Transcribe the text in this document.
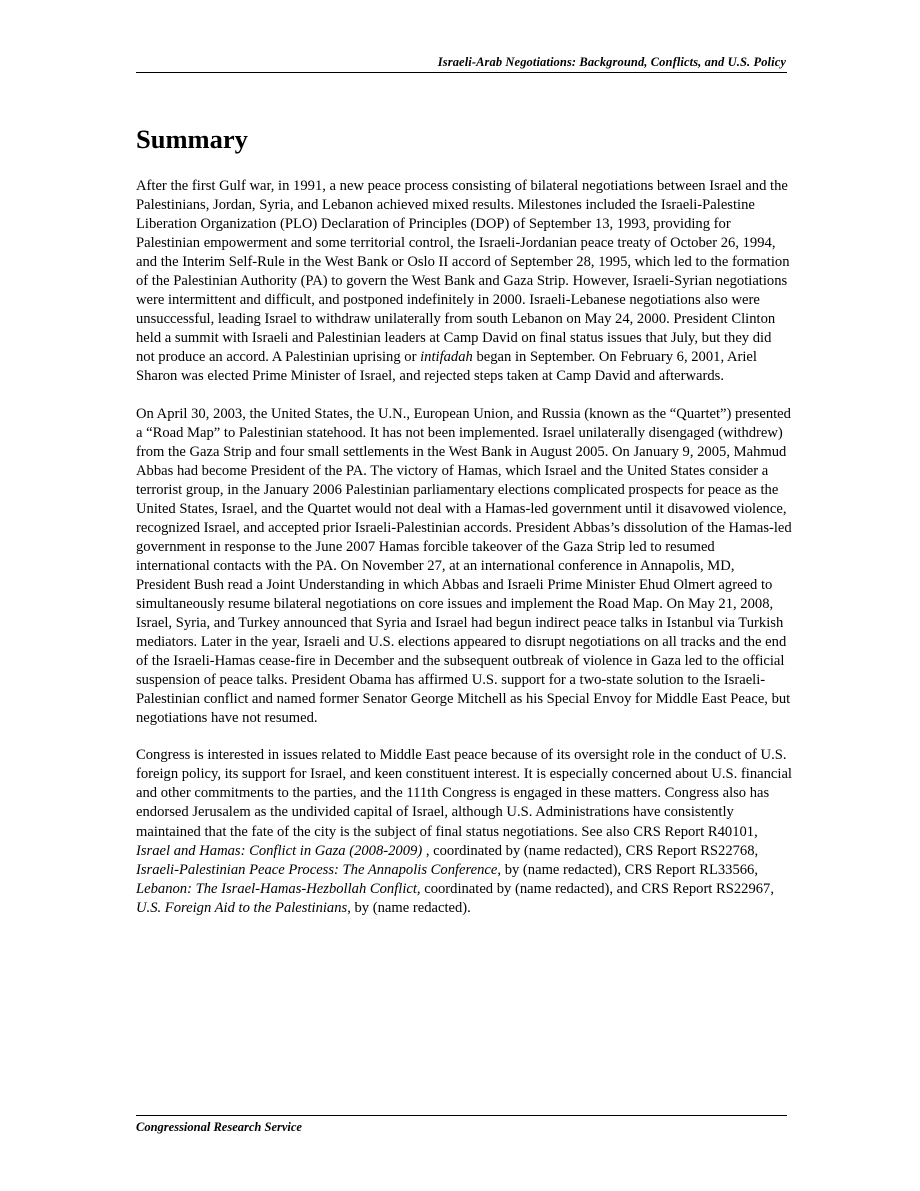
Israeli-Arab Negotiations: Background, Conflicts, and U.S. Policy
Summary

After the first Gulf war, in 1991, a new peace process consisting of bilateral negotiations between Israel and the Palestinians, Jordan, Syria, and Lebanon achieved mixed results. Milestones included the Israeli-Palestine Liberation Organization (PLO) Declaration of Principles (DOP) of September 13, 1993, providing for Palestinian empowerment and some territorial control, the Israeli-Jordanian peace treaty of October 26, 1994, and the Interim Self-Rule in the West Bank or Oslo II accord of September 28, 1995, which led to the formation of the Palestinian Authority (PA) to govern the West Bank and Gaza Strip. However, Israeli-Syrian negotiations were intermittent and difficult, and postponed indefinitely in 2000. Israeli-Lebanese negotiations also were unsuccessful, leading Israel to withdraw unilaterally from south Lebanon on May 24, 2000. President Clinton held a summit with Israeli and Palestinian leaders at Camp David on final status issues that July, but they did not produce an accord. A Palestinian uprising or intifadah began in September. On February 6, 2001, Ariel Sharon was elected Prime Minister of Israel, and rejected steps taken at Camp David and afterwards.

On April 30, 2003, the United States, the U.N., European Union, and Russia (known as the “Quartet”) presented a “Road Map” to Palestinian statehood. It has not been implemented. Israel unilaterally disengaged (withdrew) from the Gaza Strip and four small settlements in the West Bank in August 2005. On January 9, 2005, Mahmud Abbas had become President of the PA. The victory of Hamas, which Israel and the United States consider a terrorist group, in the January 2006 Palestinian parliamentary elections complicated prospects for peace as the United States, Israel, and the Quartet would not deal with a Hamas-led government until it disavowed violence, recognized Israel, and accepted prior Israeli-Palestinian accords. President Abbas’s dissolution of the Hamas-led government in response to the June 2007 Hamas forcible takeover of the Gaza Strip led to resumed international contacts with the PA. On November 27, at an international conference in Annapolis, MD, President Bush read a Joint Understanding in which Abbas and Israeli Prime Minister Ehud Olmert agreed to simultaneously resume bilateral negotiations on core issues and implement the Road Map. On May 21, 2008, Israel, Syria, and Turkey announced that Syria and Israel had begun indirect peace talks in Istanbul via Turkish mediators. Later in the year, Israeli and U.S. elections appeared to disrupt negotiations on all tracks and the end of the Israeli-Hamas cease-fire in December and the subsequent outbreak of violence in Gaza led to the official suspension of peace talks. President Obama has affirmed U.S. support for a two-state solution to the Israeli-Palestinian conflict and named former Senator George Mitchell as his Special Envoy for Middle East Peace, but negotiations have not resumed.

Congress is interested in issues related to Middle East peace because of its oversight role in the conduct of U.S. foreign policy, its support for Israel, and keen constituent interest. It is especially concerned about U.S. financial and other commitments to the parties, and the 111th Congress is engaged in these matters. Congress also has endorsed Jerusalem as the undivided capital of Israel, although U.S. Administrations have consistently maintained that the fate of the city is the subject of final status negotiations. See also CRS Report R40101, Israel and Hamas: Conflict in Gaza (2008-2009) , coordinated by (name redacted), CRS Report RS22768, Israeli-Palestinian Peace Process: The Annapolis Conference, by (name redacted), CRS Report RL33566, Lebanon: The Israel-Hamas-Hezbollah Conflict, coordinated by (name redacted), and CRS Report RS22967, U.S. Foreign Aid to the Palestinians, by (name redacted).

Congressional Research Service
